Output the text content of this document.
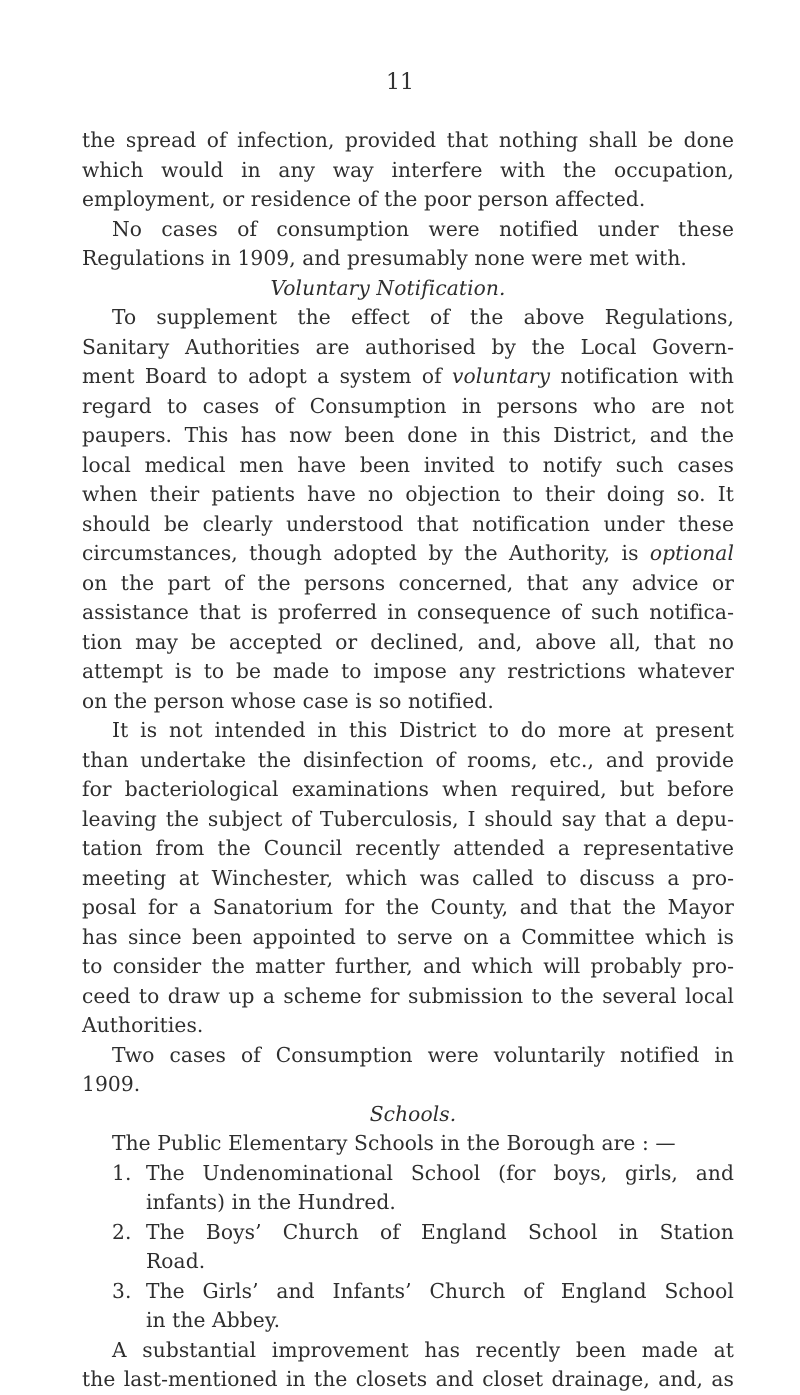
11
the spread of infection, provided that nothing shall be done
which would in any way interfere with the occupation,
employment, or residence of the poor person affected.
No cases of consumption were notified under these
Regulations in 1909, and presumably none were met with.
Voluntary Notification.
To supplement the effect of the above Regulations,
Sanitary Authorities are authorised by the Local Govern-
ment Board to adopt a system of voluntary notification with
regard to cases of Consumption in persons who are not
paupers. This has now been done in this District, and the
local medical men have been invited to notify such cases
when their patients have no objection to their doing so. It
should be clearly understood that notification under these
circumstances, though adopted by the Authority, is optional
on the part of the persons concerned, that any advice or
assistance that is proferred in consequence of such notifica-
tion may be accepted or declined, and, above all, that no
attempt is to be made to impose any restrictions whatever
on the person whose case is so notified.
It is not intended in this District to do more at present
than undertake the disinfection of rooms, etc., and provide
for bacteriological examinations when required, but before
leaving the subject of Tuberculosis, I should say that a depu-
tation from the Council recently attended a representative
meeting at Winchester, which was called to discuss a pro-
posal for a Sanatorium for the County, and that the Mayor
has since been appointed to serve on a Committee which is
to consider the matter further, and which will probably pro-
ceed to draw up a scheme for submission to the several local
Authorities.
Two cases of Consumption were voluntarily notified in
1909.
Schools.
The Public Elementary Schools in the Borough are : —
1. The Undenominational School (for boys, girls, and
infants) in the Hundred.
2. The Boys’ Church of England School in Station
Road.
3. The Girls’ and Infants’ Church of England School
in the Abbey.
A substantial improvement has recently been made at
the last-mentioned in the closets and closet drainage, and, as
